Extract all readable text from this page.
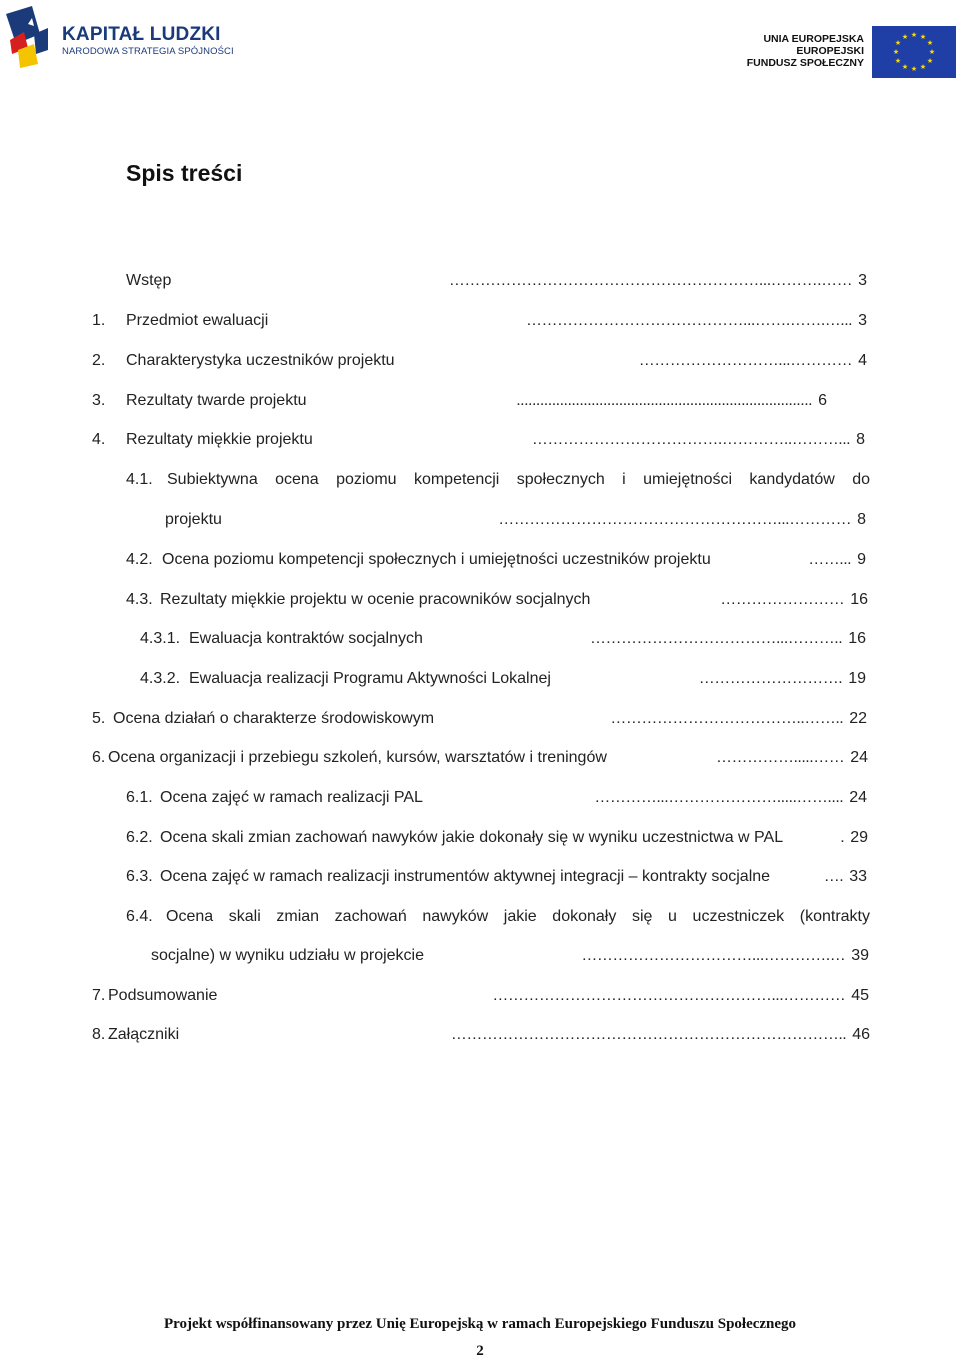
KAPITAŁ LUDZKI
NARODOWA STRATEGIA SPÓJNOŚCI
UNIA EUROPEJSKA
EUROPEJSKI
FUNDUSZ SPOŁECZNY
★ ★
★
★
★
★
★
★
★
★
★
★
Spis treści
Wstęp	……………………………………………………...……….…… 3
1.	Przedmiot ewaluacji	……………………………………...…….…….…... 3
2.	Charakterystyka uczestników projektu	………………………...………… 4
3.	Rezultaty twarde projektu	........................................................................... 6
4.	Rezultaty miękkie projektu	……………………………….…………..………... 8
4.1. Subiektywna ocena poziomu kompetencji społecznych i umiejętności kandydatów do
projektu	………………………………………………...………… 8
4.2. Ocena poziomu kompetencji społecznych i umiejętności uczestników projektu	……... 9
4.3. Rezultaty miękkie projektu w ocenie pracowników socjalnych	…………………… 16
4.3.1. Ewaluacja kontraktów socjalnych	………………………………...……….. 16
4.3.2. Ewaluacja realizacji Programu Aktywności Lokalnej	………………………. 19
5. Ocena działań o charakterze środowiskowym	………………………………..…….. 22
6. Ocena organizacji i przebiegu szkoleń, kursów, warsztatów i treningów	…………….....…… 24
6.1. Ocena zajęć w ramach realizacji PAL	…………...………………….....…….... 24
6.2. Ocena skali zmian zachowań nawyków jakie dokonały się w wyniku uczestnictwa w PAL	. 29
6.3. Ocena zajęć w ramach realizacji instrumentów aktywnej integracji – kontrakty socjalne	…. 33
6.4. Ocena skali zmian zachowań nawyków jakie dokonały się u uczestniczek (kontrakty
socjalne) w wyniku udziału w projekcie	……………………………...………….… 39
7. Podsumowanie	………………………………………………...………… 45
8. Załączniki	………………………………………………………………….. 46
Projekt współfinansowany przez Unię Europejską w ramach Europejskiego Funduszu Społecznego
2
